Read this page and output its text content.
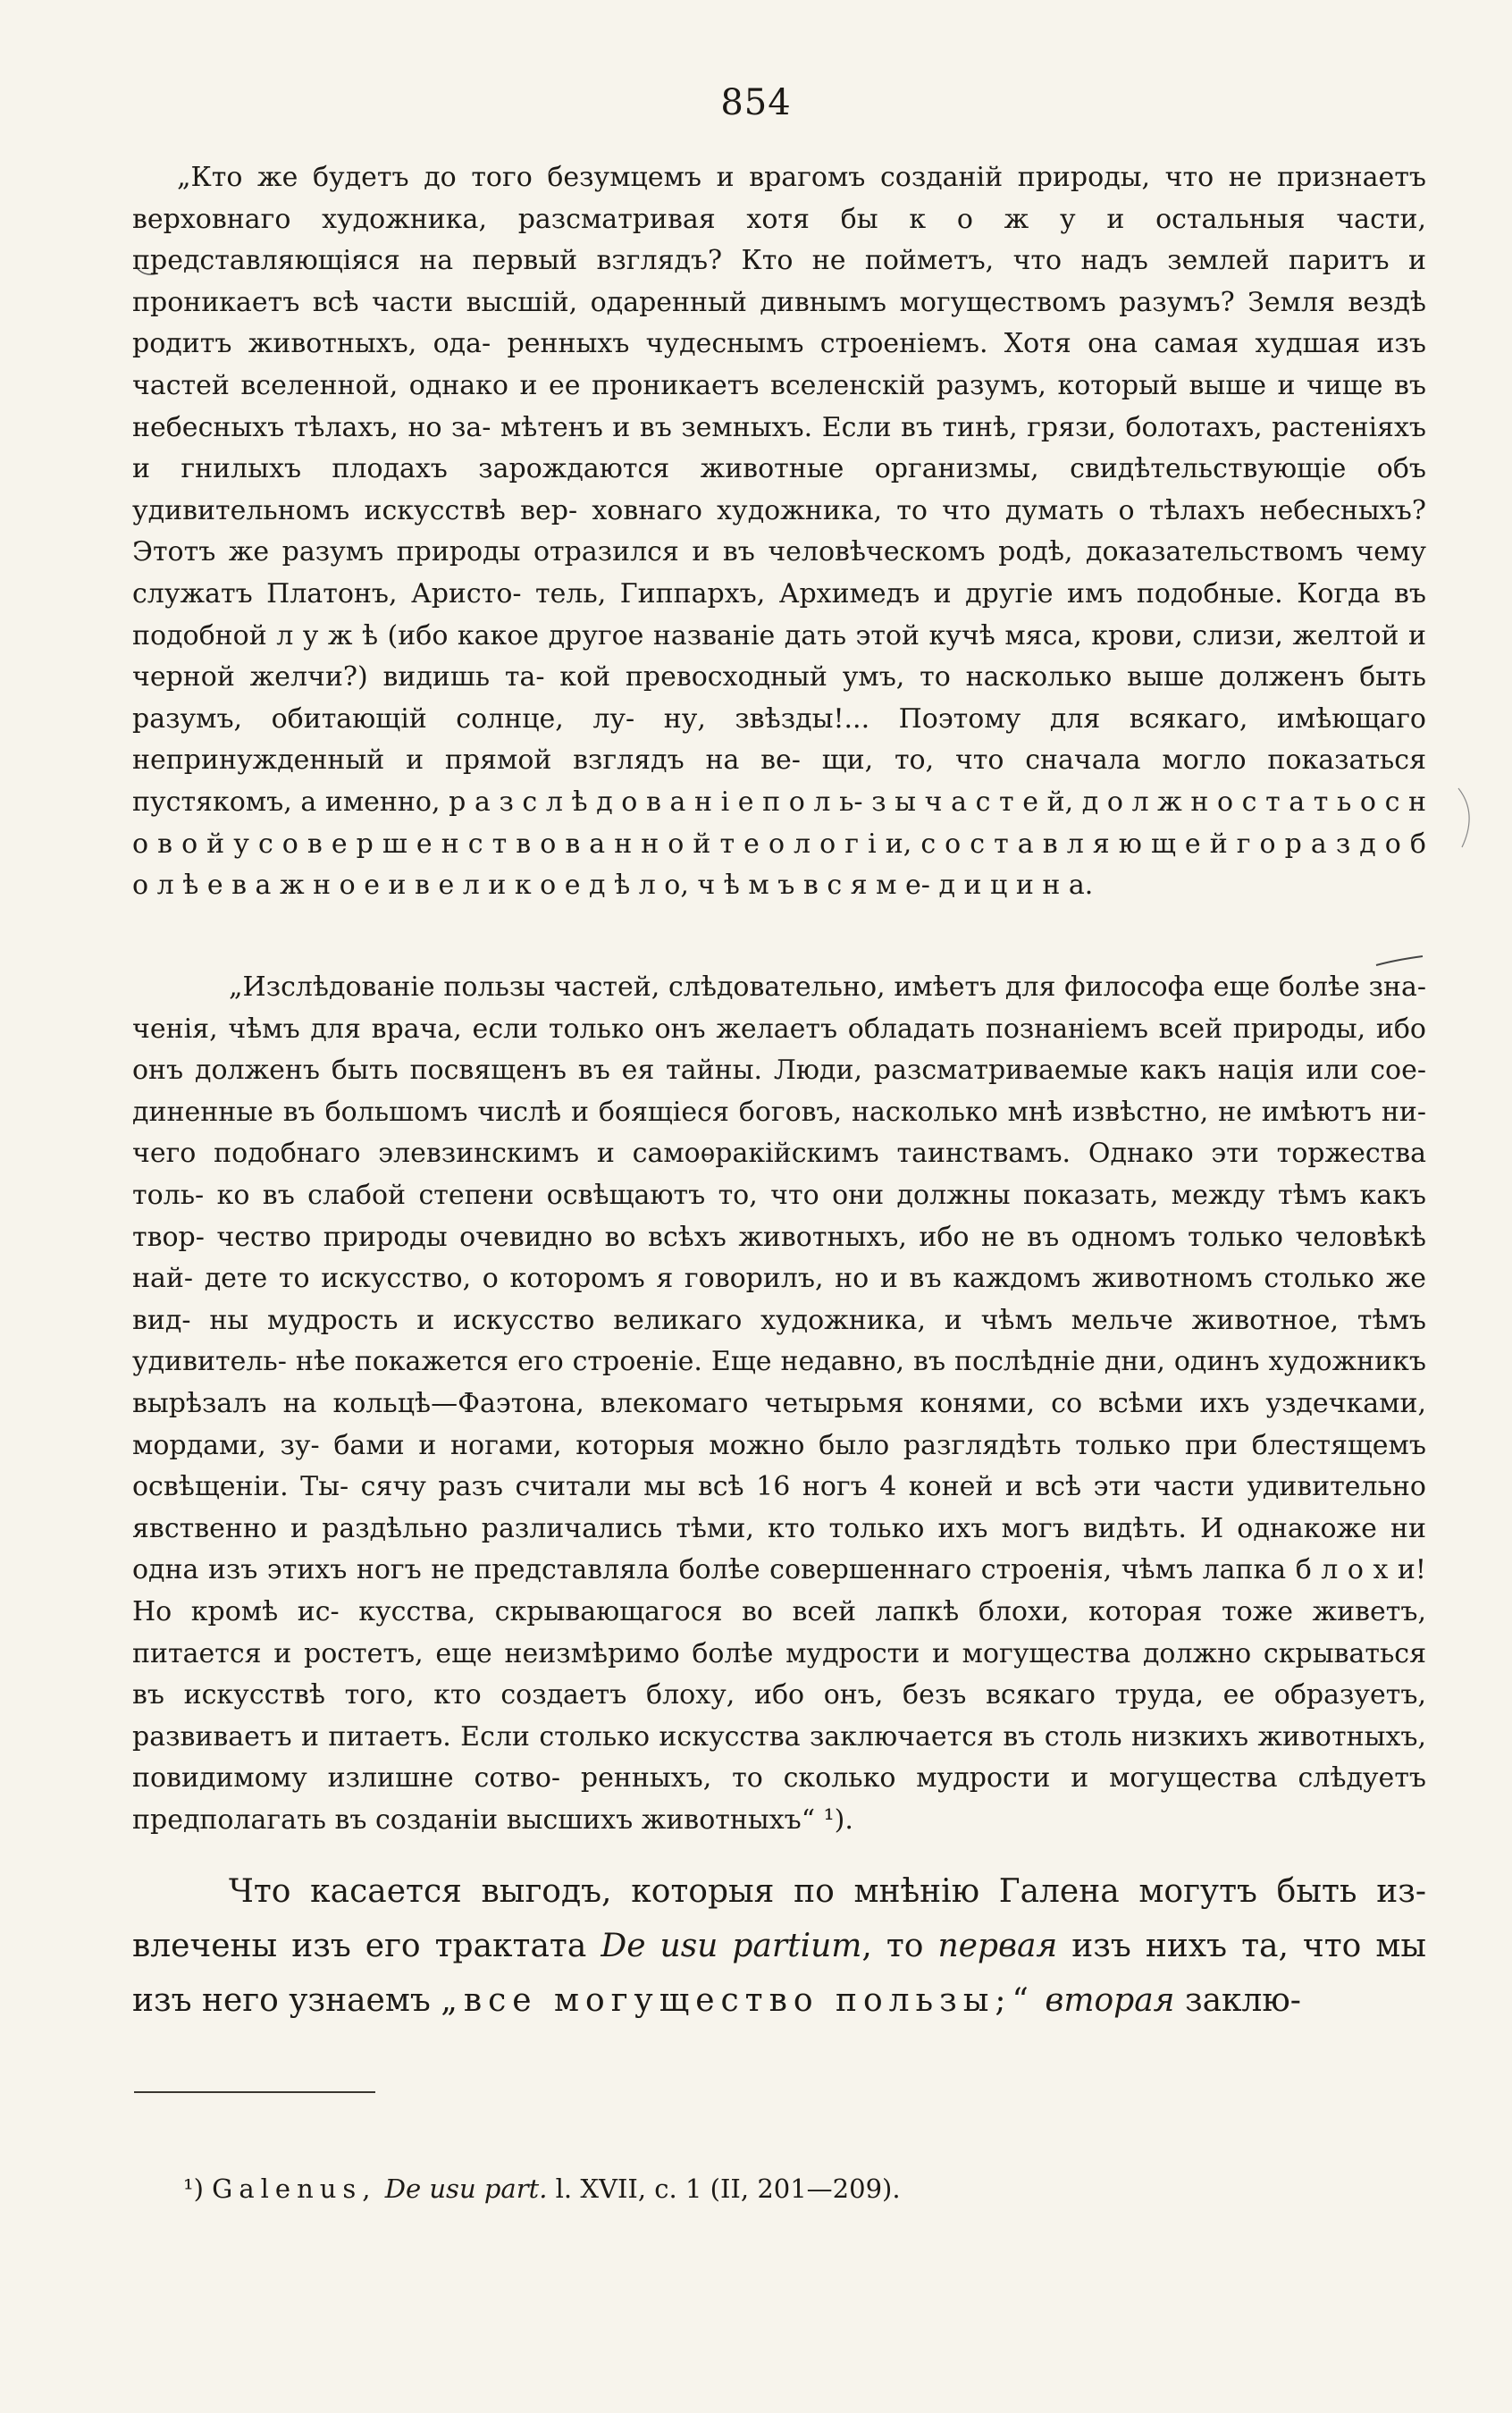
854

„Кто же будетъ до того безумцемъ и врагомъ созданій природы, что не признаетъ верховнаго художника, разсматривая хотя бы к о ж у и остальныя части, представляющіяся на первый взглядъ? Кто не пойметъ, что надъ землей паритъ и проникаетъ всѣ части высшій, одаренный дивнымъ могуществомъ разумъ? Земля вездѣ родитъ животныхъ, ода- ренныхъ чудеснымъ строеніемъ. Хотя она самая худшая изъ частей вселенной, однако и ее проникаетъ вселенскій разумъ, который выше и чище въ небесныхъ тѣлахъ, но за- мѣтенъ и въ земныхъ. Если въ тинѣ, грязи, болотахъ, растеніяхъ и гнилыхъ плодахъ зарождаются животные организмы, свидѣтельствующіе объ удивительномъ искусствѣ вер- ховнаго художника, то что думать о тѣлахъ небесныхъ? Этотъ же разумъ природы отразился и въ человѣческомъ родѣ, доказательствомъ чему служатъ Платонъ, Аристо- тель, Гиппархъ, Архимедъ и другіе имъ подобные. Когда въ подобной л у ж ѣ (ибо какое другое названіе дать этой кучѣ мяса, крови, слизи, желтой и черной желчи?) видишь та- кой превосходный умъ, то насколько выше долженъ быть разумъ, обитающій солнце, лу- ну, звѣзды!... Поэтому для всякаго, имѣющаго непринужденный и прямой взглядъ на ве- щи, то, что сначала могло показаться пустякомъ, а именно, р а з с л ѣ д о в а н і е п о л ь- з ы ч а с т е й, д о л ж н о с т а т ь о с н о в о й у с о в е р ш е н с т в о в а н н о й т е о л о г і и, с о с т а в л я ю щ е й г о р а з д о б о л ѣ е в а ж н о е и в е л и к о е д ѣ л о, ч ѣ м ъ в с я м е- д и ц и н а.

„Изслѣдованіе пользы частей, слѣдовательно, имѣетъ для философа еще болѣе зна- ченія, чѣмъ для врача, если только онъ желаетъ обладать познаніемъ всей природы, ибо онъ долженъ быть посвященъ въ ея тайны. Люди, разсматриваемые какъ нація или сое- диненные въ большомъ числѣ и боящіеся боговъ, насколько мнѣ извѣстно, не имѣютъ ни- чего подобнаго элевзинскимъ и самоѳракійскимъ таинствамъ. Однако эти торжества толь- ко въ слабой степени освѣщаютъ то, что они должны показать, между тѣмъ какъ твор- чество природы очевидно во всѣхъ животныхъ, ибо не въ одномъ только человѣкѣ най- дете то искусство, о которомъ я говорилъ, но и въ каждомъ животномъ столько же вид- ны мудрость и искусство великаго художника, и чѣмъ мельче животное, тѣмъ удивитель- нѣе покажется его строеніе. Еще недавно, въ послѣдніе дни, одинъ художникъ вырѣзалъ на кольцѣ—Фаэтона, влекомаго четырьмя конями, со всѣми ихъ уздечками, мордами, зу- бами и ногами, которыя можно было разглядѣть только при блестящемъ освѣщеніи. Ты- сячу разъ считали мы всѣ 16 ногъ 4 коней и всѣ эти части удивительно явственно и раздѣльно различались тѣми, кто только ихъ могъ видѣть. И однакоже ни одна изъ этихъ ногъ не представляла болѣе совершеннаго строенія, чѣмъ лапка б л о х и! Но кромѣ ис- кусства, скрывающагося во всей лапкѣ блохи, которая тоже живетъ, питается и ростетъ, еще неизмѣримо болѣе мудрости и могущества должно скрываться въ искусствѣ того, кто создаетъ блоху, ибо онъ, безъ всякаго труда, ее образуетъ, развиваетъ и питаетъ. Если столько искусства заключается въ столь низкихъ животныхъ, повидимому излишне сотво- ренныхъ, то сколько мудрости и могущества слѣдуетъ предполагать въ созданіи высшихъ животныхъ“ ¹).

Что касается выгодъ, которыя по мнѣнію Галена могутъ быть из- влечены изъ его трактата De usu partium, то первая изъ нихъ та, что мы изъ него узнаемъ „все могущество пользы;“ вторая заклю-

¹) Galenus, De usu part. l. XVII, c. 1 (II, 201—209).
